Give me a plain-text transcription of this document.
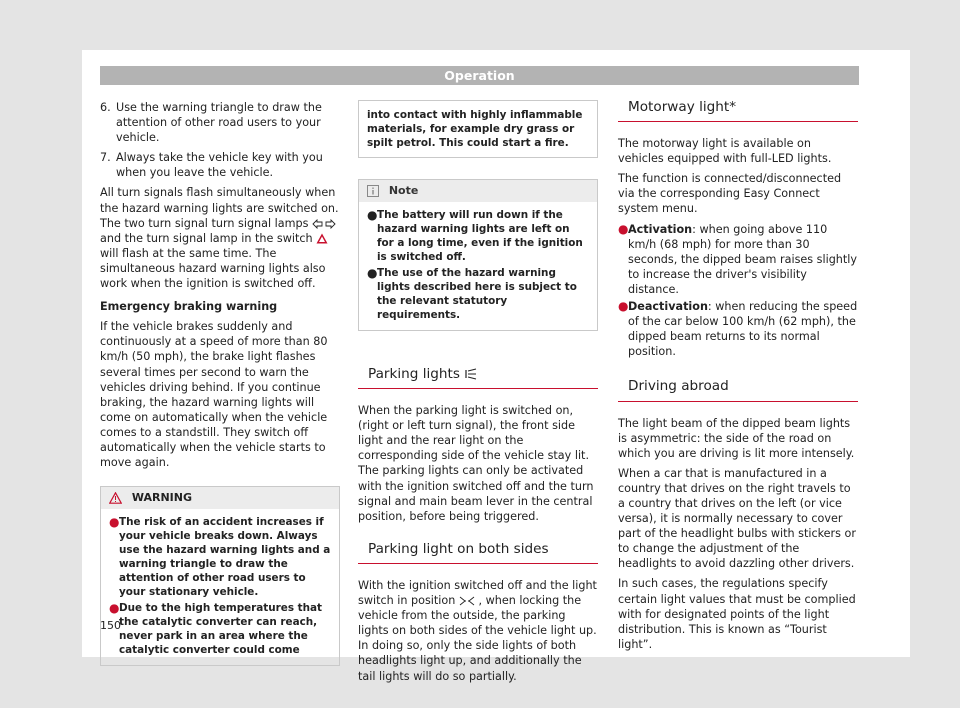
Operation
6. Use the warning triangle to draw the attention of other road users to your vehicle.
7. Always take the vehicle key with you when you leave the vehicle.

All turn signals flash simultaneously when the hazard warning lights are switched on. The two turn signal turn signal lamps  and the turn signal lamp in the switch  will flash at the same time. The simultaneous hazard warning lights also work when the ignition is switched off.

Emergency braking warning

If the vehicle brakes suddenly and continuously at a speed of more than 80 km/h (50 mph), the brake light flashes several times per second to warn the vehicles driving behind. If you continue braking, the hazard warning lights will come on automatically when the vehicle comes to a standstill. They switch off automatically when the vehicle starts to move again.

WARNING
● The risk of an accident increases if your vehicle breaks down. Always use the hazard warning lights and a warning triangle to draw the attention of other road users to your stationary vehicle.
● Due to the high temperatures that the catalytic converter can reach, never park in an area where the catalytic converter could come
into contact with highly inflammable materials, for example dry grass or spilt petrol. This could start a fire.
Note
● The battery will run down if the hazard warning lights are left on for a long time, even if the ignition is switched off.
● The use of the hazard warning lights described here is subject to the relevant statutory requirements.
Parking lights

When the parking light is switched on, (right or left turn signal), the front side light and the rear light on the corresponding side of the vehicle stay lit. The parking lights can only be activated with the ignition switched off and the turn signal and main beam lever in the central position, before being triggered.

Parking light on both sides

With the ignition switched off and the light switch in position , when locking the vehicle from the outside, the parking lights on both sides of the vehicle light up. In doing so, only the side lights of both headlights light up, and additionally the tail lights will do so partially.

Motorway light*

The motorway light is available on vehicles equipped with full-LED lights.

The function is connected/disconnected via the corresponding Easy Connect system menu.

● Activation: when going above 110 km/h (68 mph) for more than 30 seconds, the dipped beam raises slightly to increase the driver's visibility distance.
● Deactivation: when reducing the speed of the car below 100 km/h (62 mph), the dipped beam returns to its normal position.
Driving abroad

The light beam of the dipped beam lights is asymmetric: the side of the road on which you are driving is lit more intensely.

When a car that is manufactured in a country that drives on the right travels to a country that drives on the left (or vice versa), it is normally necessary to cover part of the headlight bulbs with stickers or to change the adjustment of the headlights to avoid dazzling other drivers.

In such cases, the regulations specify certain light values that must be complied with for designated points of the light distribution. This is known as “Tourist light”.

150
